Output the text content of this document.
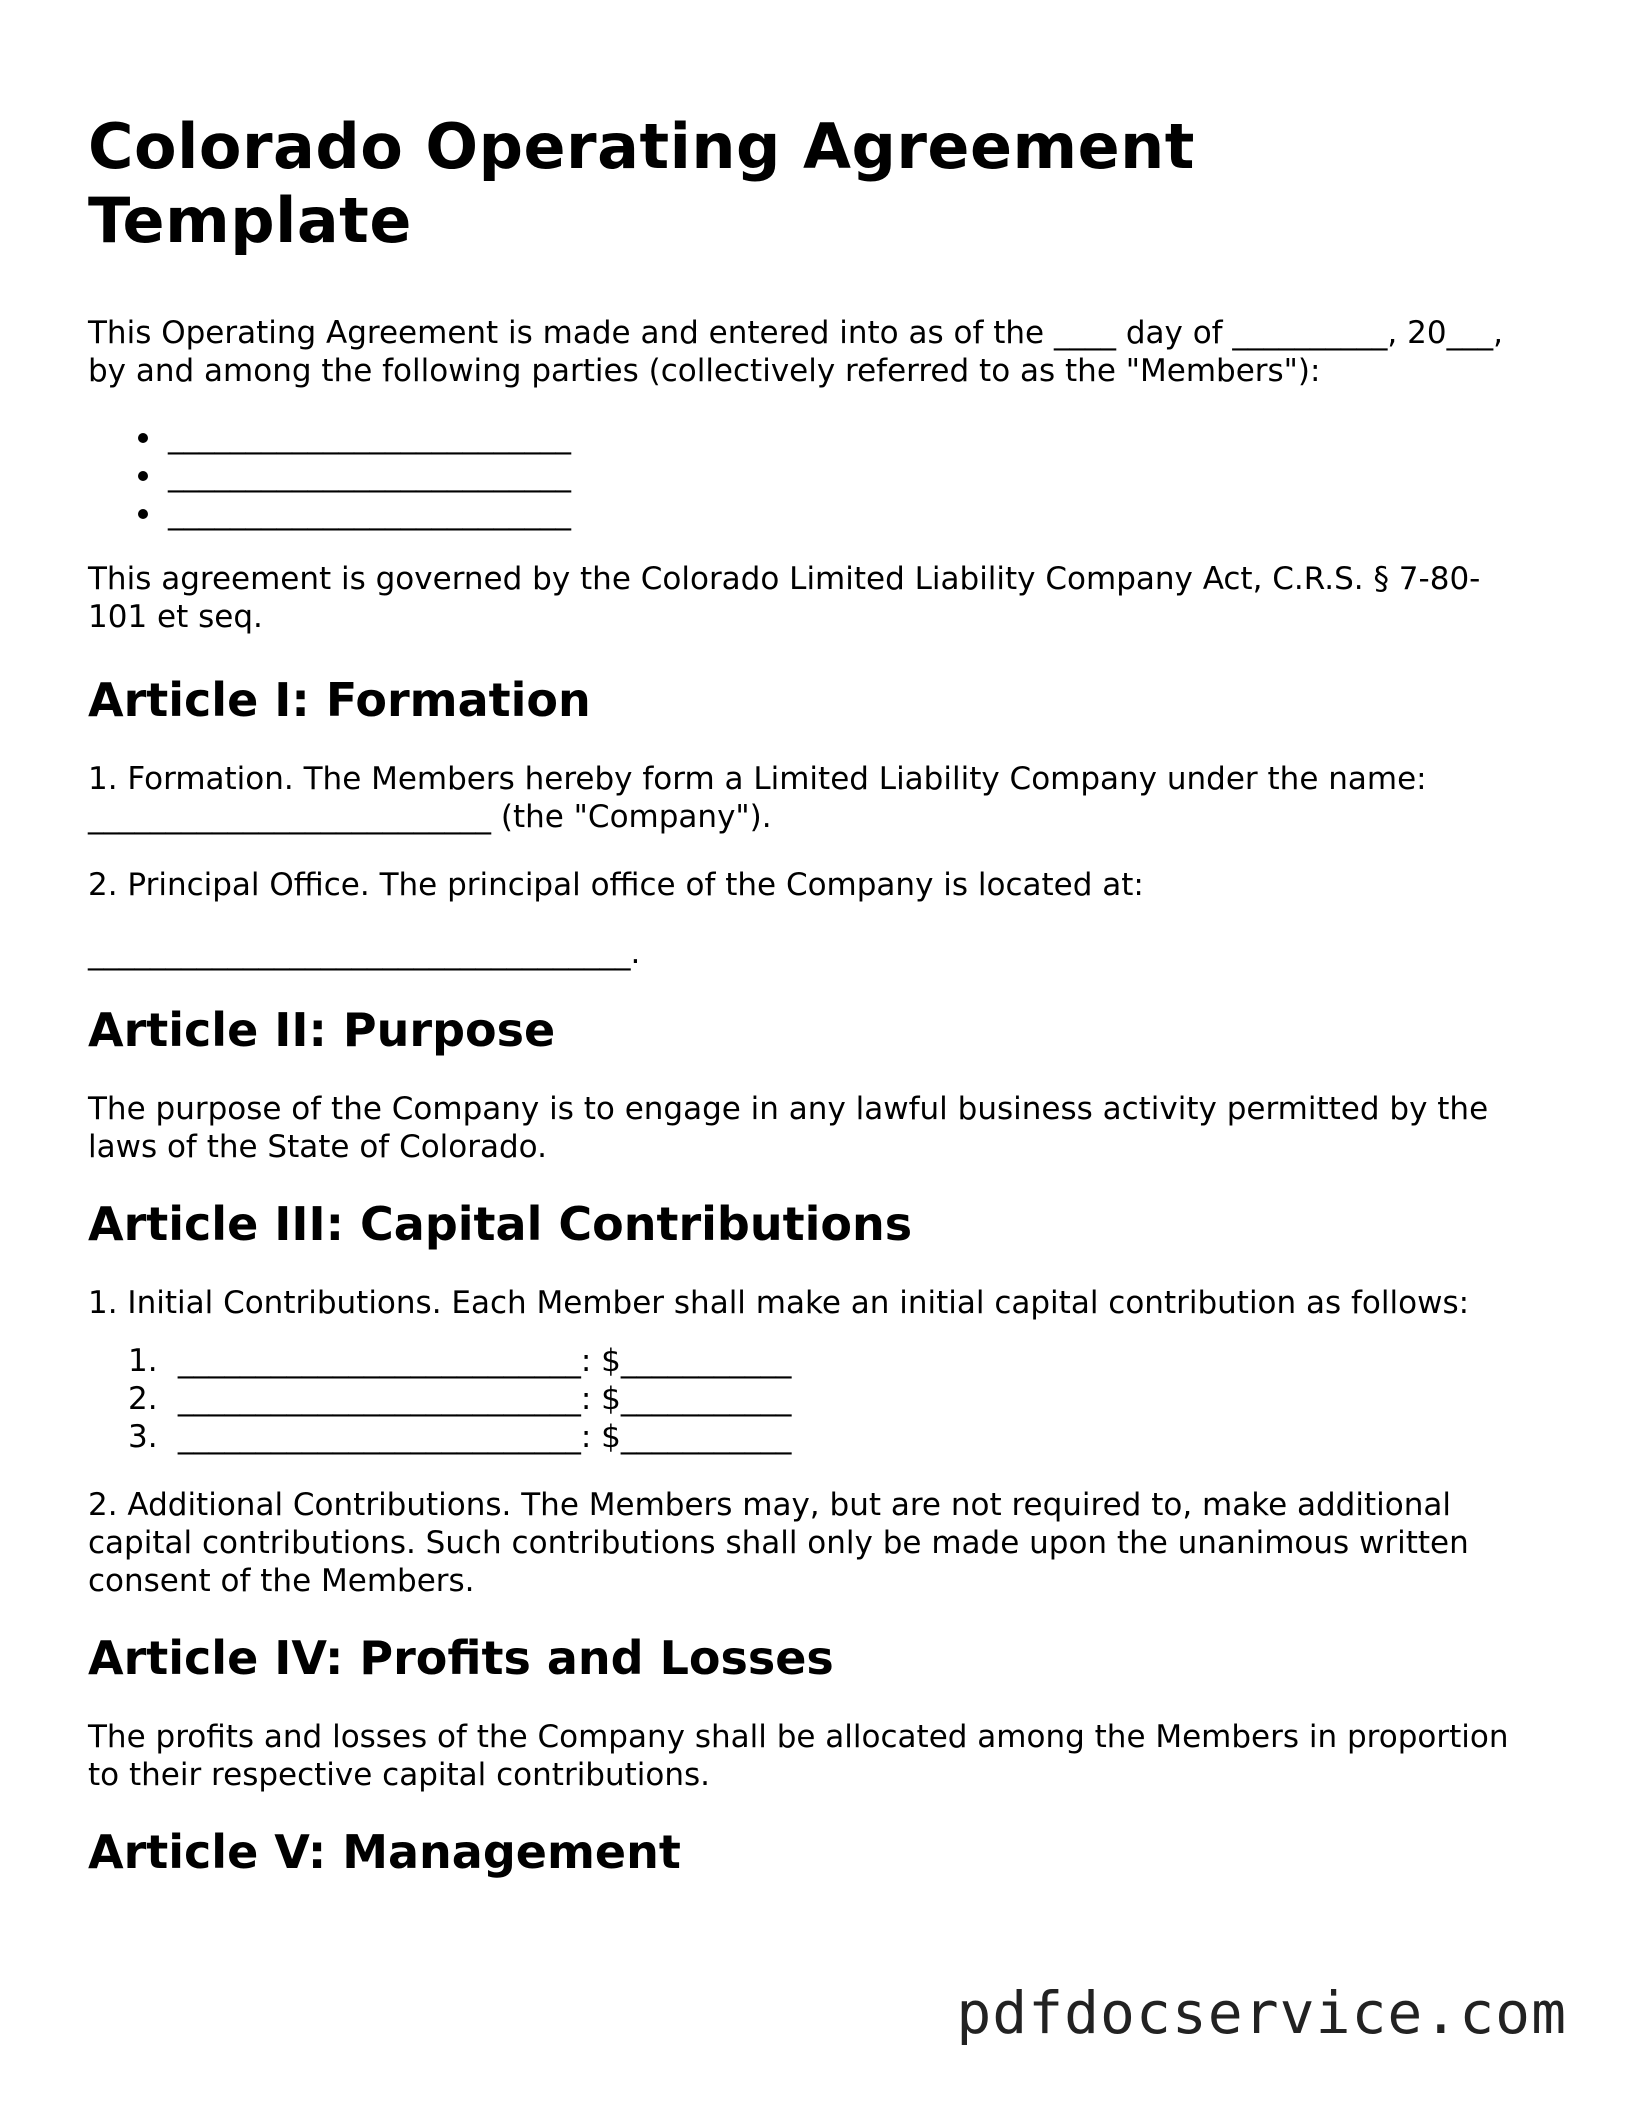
Colorado Operating Agreement Template

This Operating Agreement is made and entered into as of the ____ day of __________, 20___, by and among the following parties (collectively referred to as the "Members"):

__________________________
__________________________
__________________________

This agreement is governed by the Colorado Limited Liability Company Act, C.R.S. § 7-80-101 et seq.

Article I: Formation

1. Formation. The Members hereby form a Limited Liability Company under the name: __________________________ (the "Company").

2. Principal Office. The principal office of the Company is located at:

___________________________________.

Article II: Purpose

The purpose of the Company is to engage in any lawful business activity permitted by the laws of the State of Colorado.

Article III: Capital Contributions

1. Initial Contributions. Each Member shall make an initial capital contribution as follows:

1. __________________________: $___________
2. __________________________: $___________
3. __________________________: $___________

2. Additional Contributions. The Members may, but are not required to, make additional capital contributions. Such contributions shall only be made upon the unanimous written consent of the Members.

Article IV: Profits and Losses

The profits and losses of the Company shall be allocated among the Members in proportion to their respective capital contributions.

Article V: Management
pdfdocservice.com
